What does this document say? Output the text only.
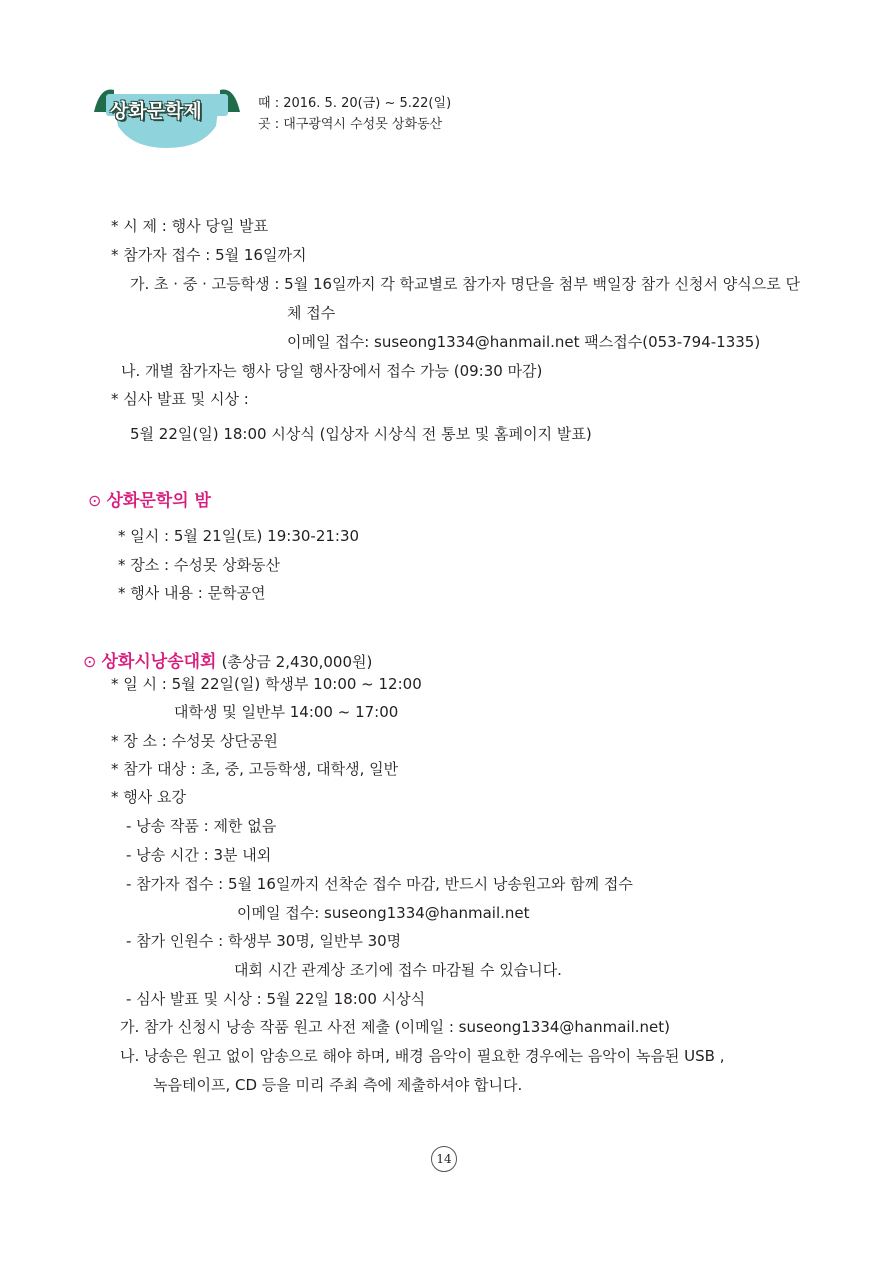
상화문학제	때 : 2016. 5. 20(금) ~ 5.22(일)
곳 : 대구광역시 수성못 상화동산
* 시 제 : 행사 당일 발표
* 참가자 접수 : 5월 16일까지
가. 초 · 중 · 고등학생 : 5월 16일까지 각 학교별로 참가자 명단을 첨부 백일장 참가 신청서 양식으로 단
체 접수
이메일 접수: suseong1334@hanmail.net 팩스접수(053-794-1335)
나. 개별 참가자는 행사 당일 행사장에서 접수 가능 (09:30 마감)
* 심사 발표 및 시상 :
5월 22일(일) 18:00 시상식 (입상자 시상식 전 통보 및 홈페이지 발표)
⊙ 상화문학의 밤
* 일시 : 5월 21일(토) 19:30-21:30
* 장소 : 수성못 상화동산
* 행사 내용 : 문학공연
⊙ 상화시낭송대회 (총상금 2,430,000원)
* 일 시 : 5월 22일(일) 학생부 10:00 ~ 12:00
대학생 및 일반부 14:00 ~ 17:00
* 장 소 : 수성못 상단공원
* 참가 대상 : 초, 중, 고등학생, 대학생, 일반
* 행사 요강
- 낭송 작품 : 제한 없음
- 낭송 시간 : 3분 내외
- 참가자 접수 : 5월 16일까지 선착순 접수 마감, 반드시 낭송원고와 함께 접수
이메일 접수: suseong1334@hanmail.net
- 참가 인원수 : 학생부 30명, 일반부 30명
대회 시간 관계상 조기에 접수 마감될 수 있습니다.
- 심사 발표 및 시상 : 5월 22일 18:00 시상식
가. 참가 신청시 낭송 작품 원고 사전 제출 (이메일 : suseong1334@hanmail.net)
나. 낭송은 원고 없이 암송으로 해야 하며, 배경 음악이 필요한 경우에는 음악이 녹음된 USB ,
녹음테이프, CD 등을 미리 주최 측에 제출하셔야 합니다.
14
